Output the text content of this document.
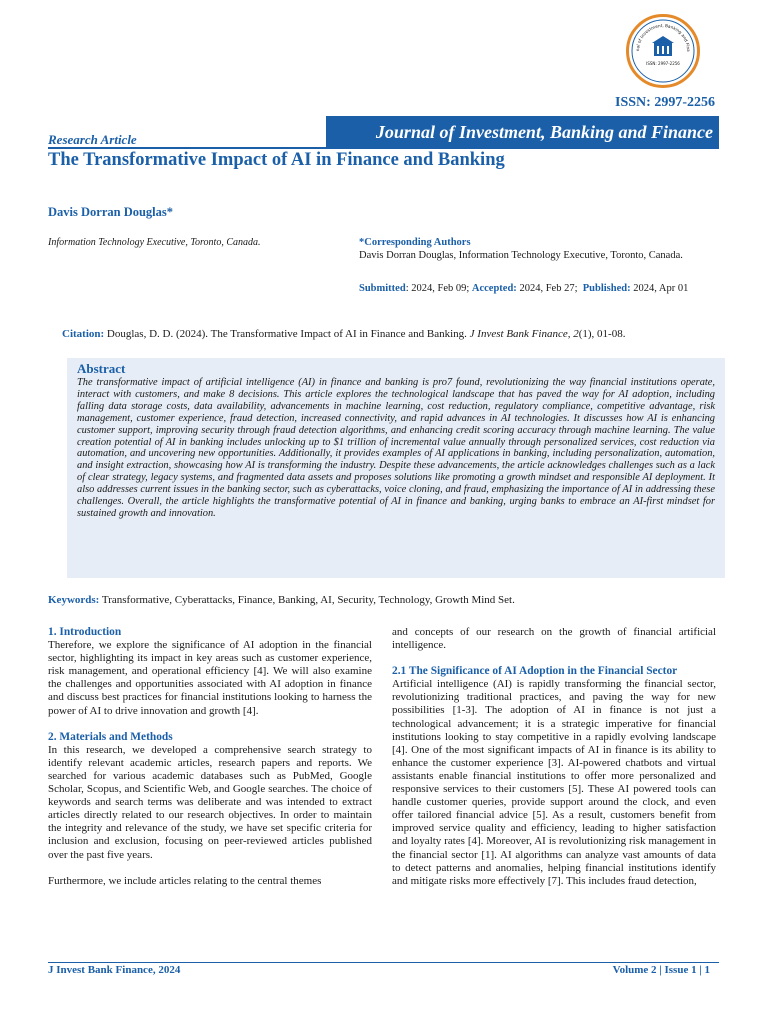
nal of Investment, Banking and Fina
ISSN: 2997-2256
ISSN: 2997-2256
Journal of Investment, Banking and Finance
Research Article
The Transformative Impact of AI in Finance and Banking
Davis Dorran Douglas*
Information Technology Executive, Toronto, Canada.	*Corresponding Authors
Davis Dorran Douglas, Information Technology Executive, Toronto, Canada.
Submitted: 2024, Feb 09; Accepted: 2024, Feb 27; Published: 2024, Apr 01
Citation: Douglas, D. D. (2024). The Transformative Impact of AI in Finance and Banking. J Invest Bank Finance, 2(1), 01-08.
Abstract

The transformative impact of artificial intelligence (AI) in finance and banking is pro7 found, revolutionizing the way financial institutions operate, interact with customers, and make 8 decisions. This article explores the technological landscape that has paved the way for AI adoption, including falling data storage costs, data availability, advancements in machine learning, cost reduction, regulatory compliance, competitive advantage, risk management, customer experience, fraud detection, increased connectivity, and rapid advances in AI technologies. It discusses how AI is enhancing customer support, improving security through fraud detection algorithms, and enhancing credit scoring accuracy through machine learning. The value creation potential of AI in banking includes unlocking up to $1 trillion of incremental value annually through personalized services, cost reduction via automation, and uncovering new opportunities. Additionally, it provides examples of AI applications in banking, including personalization, automation, and insight extraction, showcasing how AI is transforming the industry. Despite these advancements, the article acknowledges challenges such as a lack of clear strategy, legacy systems, and fragmented data assets and proposes solutions like promoting a growth mindset and responsible AI deployment. It also addresses current issues in the banking sector, such as cyberattacks, voice cloning, and fraud, emphasizing the importance of AI in addressing these challenges. Overall, the article highlights the transformative potential of AI in finance and banking, urging banks to embrace an AI-first mindset for sustained growth and innovation.

Keywords: Transformative, Cyberattacks, Finance, Banking, AI, Security, Technology, Growth Mind Set.
1. Introduction

Therefore, we explore the significance of AI adoption in the financial sector, highlighting its impact in key areas such as customer experience, risk management, and operational efficiency [4]. We will also examine the challenges and opportunities associated with AI adoption in finance and discuss best practices for financial institutions looking to harness the power of AI to drive innovation and growth [4].

2. Materials and Methods

In this research, we developed a comprehensive search strategy to identify relevant academic articles, research papers and reports. We searched for various academic databases such as PubMed, Google Scholar, Scopus, and Scientific Web, and Google searches. The choice of keywords and search terms was deliberate and was intended to extract articles directly related to our research objectives. In order to maintain the integrity and relevance of the study, we have set specific criteria for inclusion and exclusion, focusing on peer-reviewed articles published over the past five years.

Furthermore, we include articles relating to the central themes

and concepts of our research on the growth of financial artificial intelligence.

2.1 The Significance of AI Adoption in the Financial Sector

Artificial intelligence (AI) is rapidly transforming the financial sector, revolutionizing traditional practices, and paving the way for new possibilities [1-3]. The adoption of AI in finance is not just a technological advancement; it is a strategic imperative for financial institutions looking to stay competitive in a rapidly evolving landscape [4]. One of the most significant impacts of AI in finance is its ability to enhance the customer experience [3]. AI-powered chatbots and virtual assistants enable financial institutions to offer more personalized and responsive services to their customers [5]. These AI powered tools can handle customer queries, provide support around the clock, and even offer tailored financial advice [5]. As a result, customers benefit from improved service quality and efficiency, leading to higher satisfaction and loyalty rates [4]. Moreover, AI is revolutionizing risk management in the financial sector [1]. AI algorithms can analyze vast amounts of data to detect patterns and anomalies, helping financial institutions identify and mitigate risks more effectively [7]. This includes fraud detection,

J Invest Bank Finance, 2024	Volume 2 | Issue 1 | 1
